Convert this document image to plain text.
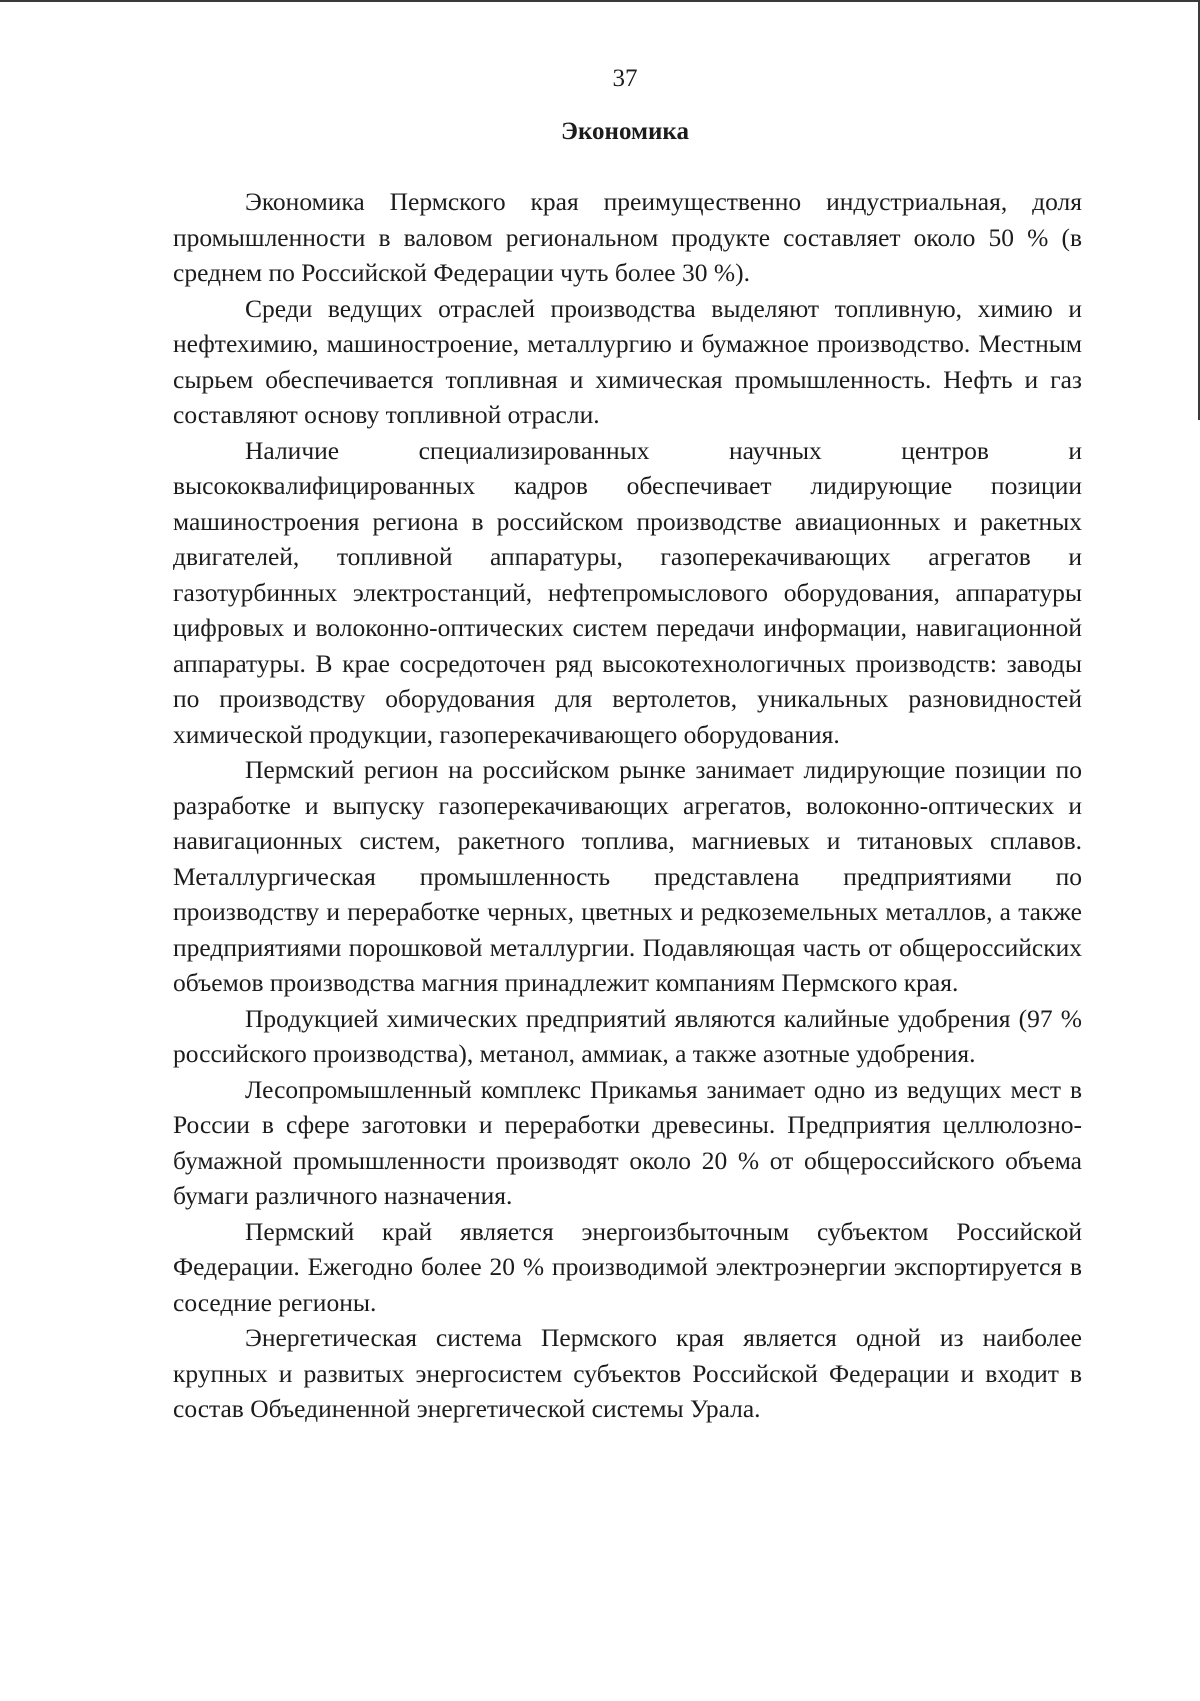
37
Экономика

Экономика Пермского края преимущественно индустриальная, доля промышленности в валовом региональном продукте составляет около 50 % (в среднем по Российской Федерации чуть более 30 %).

Среди ведущих отраслей производства выделяют топливную, химию и нефтехимию, машиностроение, металлургию и бумажное производство. Местным сырьем обеспечивается топливная и химическая промышленность. Нефть и газ составляют основу топливной отрасли.

Наличие специализированных научных центров и высококвалифицированных кадров обеспечивает лидирующие позиции машиностроения региона в российском производстве авиационных и ракетных двигателей, топливной аппаратуры, газоперекачивающих агрегатов и газотурбинных электростанций, нефтепромыслового оборудования, аппаратуры цифровых и волоконно-оптических систем передачи информации, навигационной аппаратуры. В крае сосредоточен ряд высокотехнологичных производств: заводы по производству оборудования для вертолетов, уникальных разновидностей химической продукции, газоперекачивающего оборудования.

Пермский регион на российском рынке занимает лидирующие позиции по разработке и выпуску газоперекачивающих агрегатов, волоконно-оптических и навигационных систем, ракетного топлива, магниевых и титановых сплавов. Металлургическая промышленность представлена предприятиями по производству и переработке черных, цветных и редкоземельных металлов, а также предприятиями порошковой металлургии. Подавляющая часть от общероссийских объемов производства магния принадлежит компаниям Пермского края.

Продукцией химических предприятий являются калийные удобрения (97 % российского производства), метанол, аммиак, а также азотные удобрения.

Лесопромышленный комплекс Прикамья занимает одно из ведущих мест в России в сфере заготовки и переработки древесины. Предприятия целлюлозно-бумажной промышленности производят около 20 % от общероссийского объема бумаги различного назначения.

Пермский край является энергоизбыточным субъектом Российской Федерации. Ежегодно более 20 % производимой электроэнергии экспортируется в соседние регионы.

Энергетическая система Пермского края является одной из наиболее крупных и развитых энергосистем субъектов Российской Федерации и входит в состав Объединенной энергетической системы Урала.
